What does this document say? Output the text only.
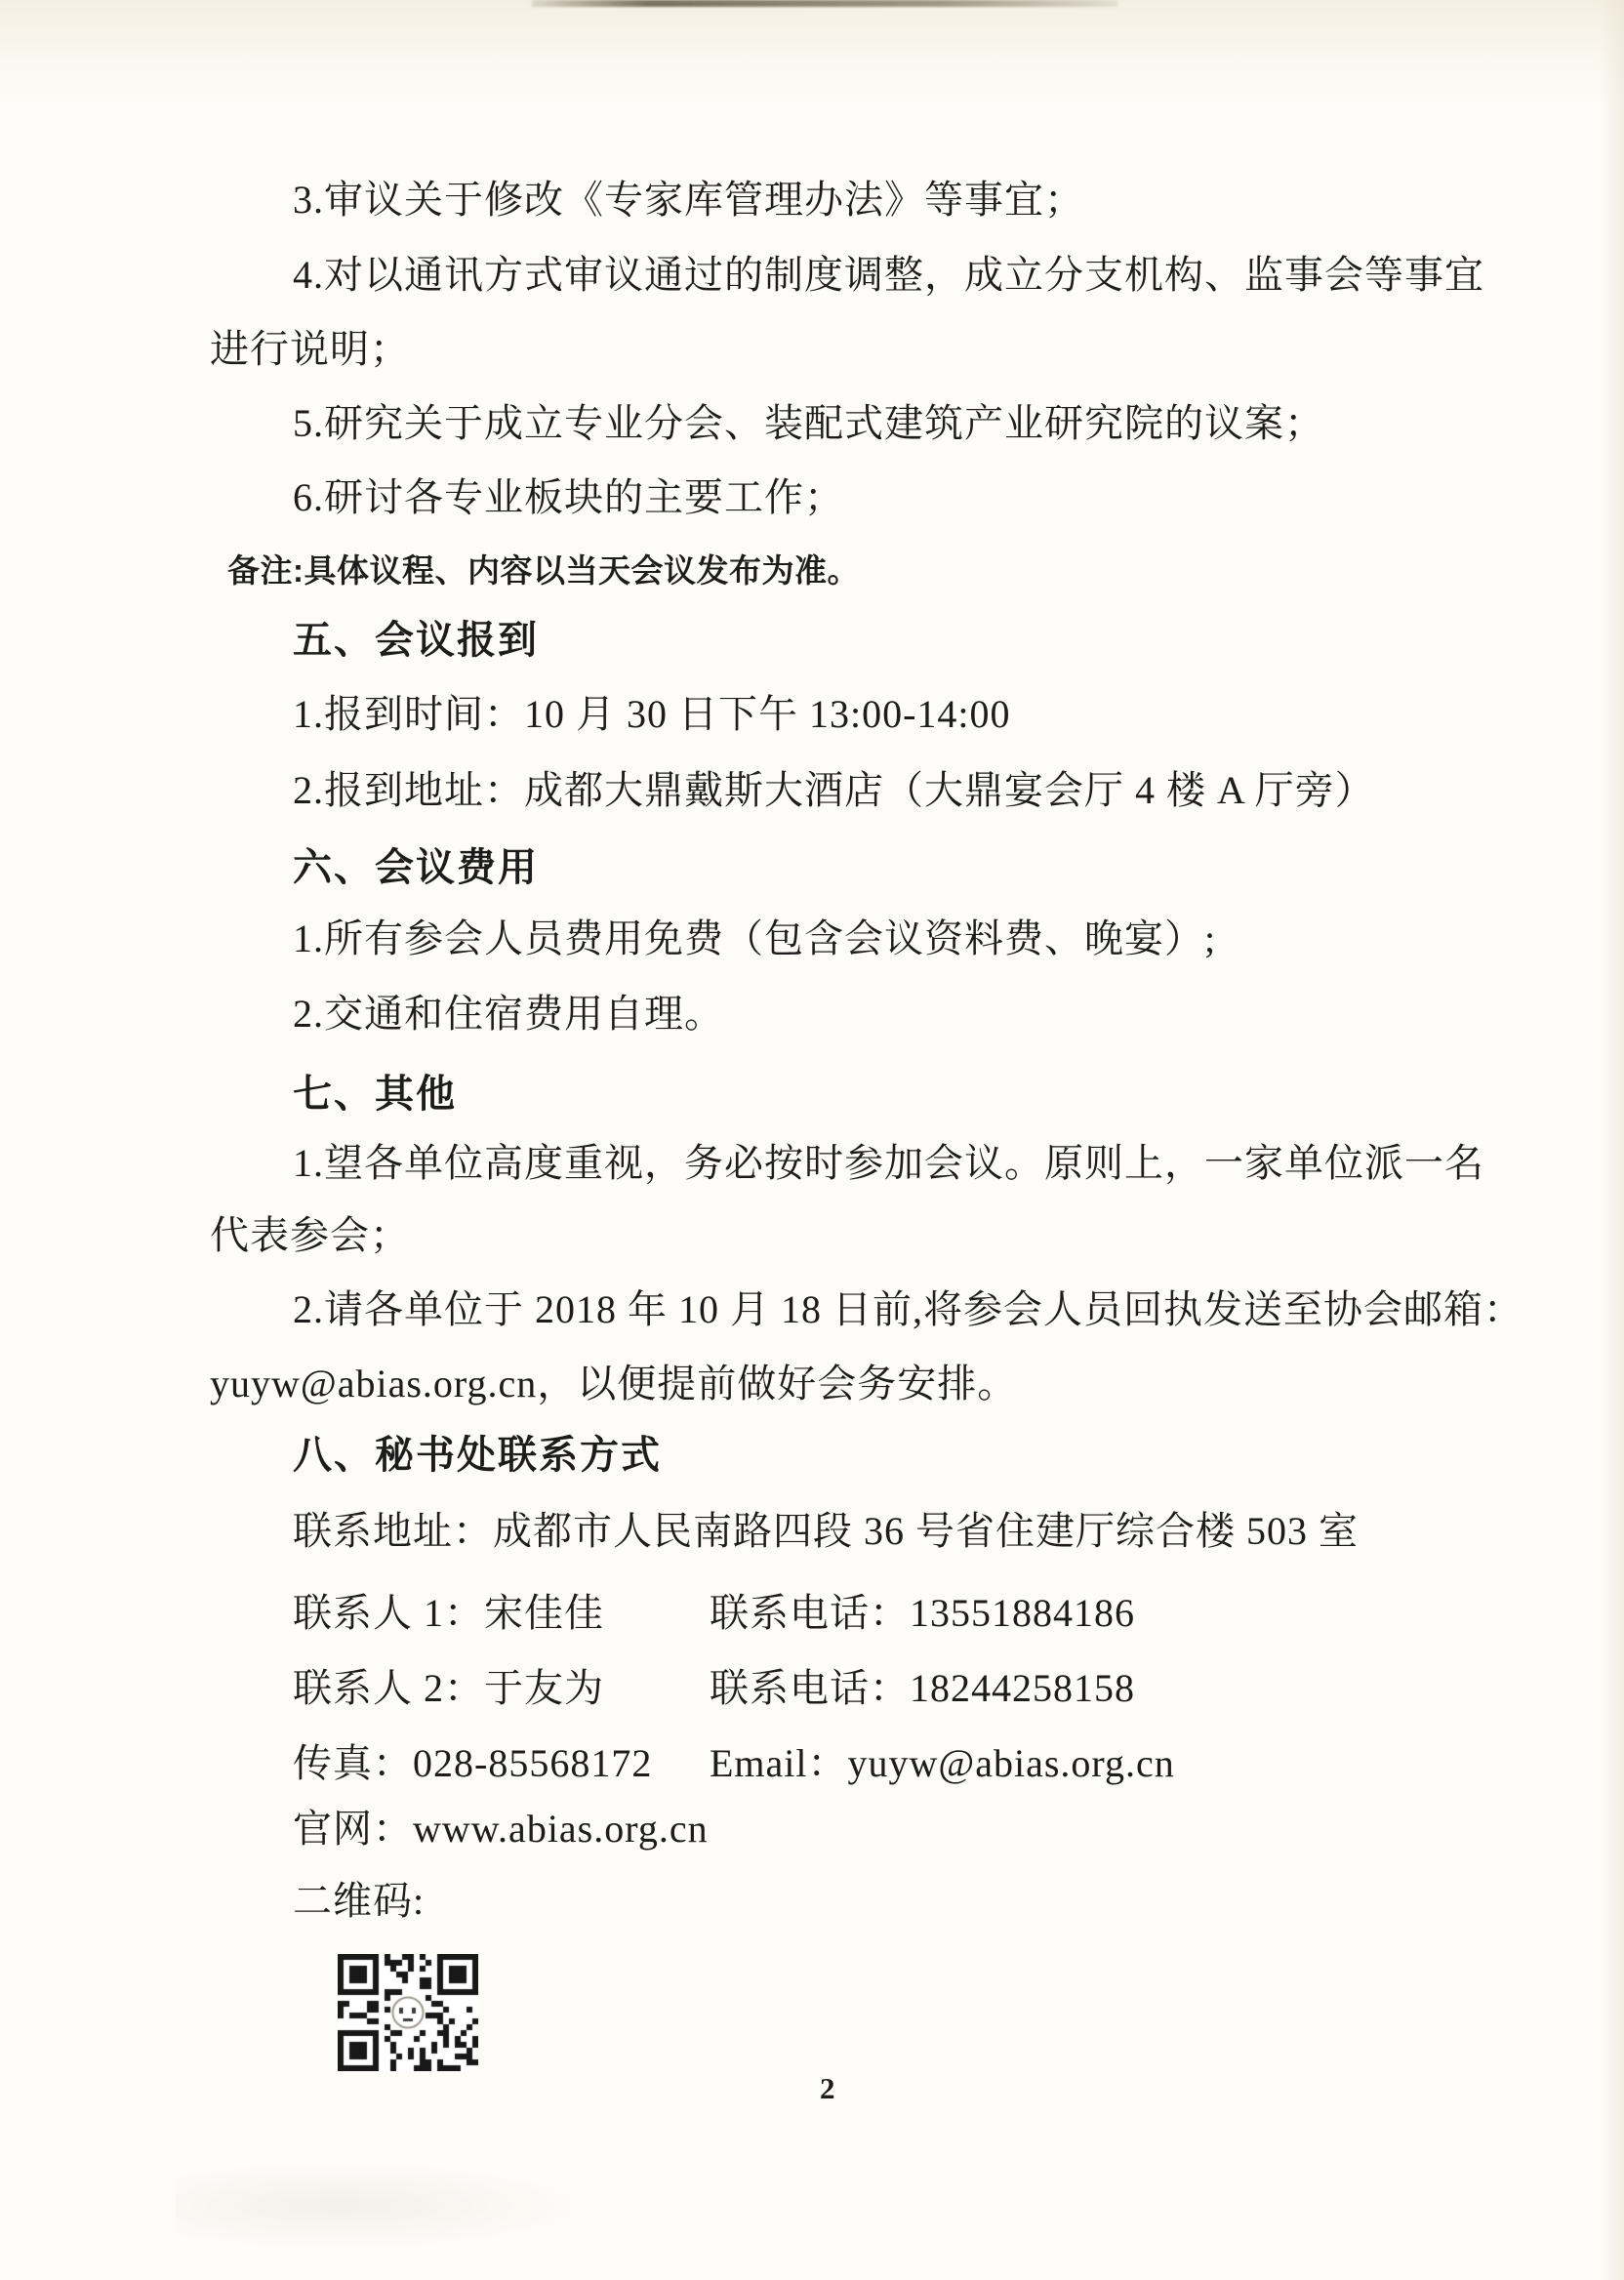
3.审议关于修改《专家库管理办法》等事宜；
4.对以通讯方式审议通过的制度调整，成立分支机构、监事会等事宜
进行说明；
5.研究关于成立专业分会、装配式建筑产业研究院的议案；
6.研讨各专业板块的主要工作；
备注:具体议程、内容以当天会议发布为准。
五、会议报到
1.报到时间：10 月 30 日下午 13:00-14:00
2.报到地址：成都大鼎戴斯大酒店（大鼎宴会厅 4 楼 A 厅旁）
六、会议费用
1.所有参会人员费用免费（包含会议资料费、晚宴）;
2.交通和住宿费用自理。
七、其他
1.望各单位高度重视，务必按时参加会议。原则上，一家单位派一名
代表参会；
2.请各单位于 2018 年 10 月 18 日前,将参会人员回执发送至协会邮箱：
yuyw@abias.org.cn，以便提前做好会务安排。
八、秘书处联系方式
联系地址：成都市人民南路四段 36 号省住建厅综合楼 503 室
联系人 1：宋佳佳	联系电话：13551884186
联系人 2：于友为	联系电话：18244258158
传真：028-85568172 Email：yuyw@abias.org.cn
官网：www.abias.org.cn
二维码:
2
